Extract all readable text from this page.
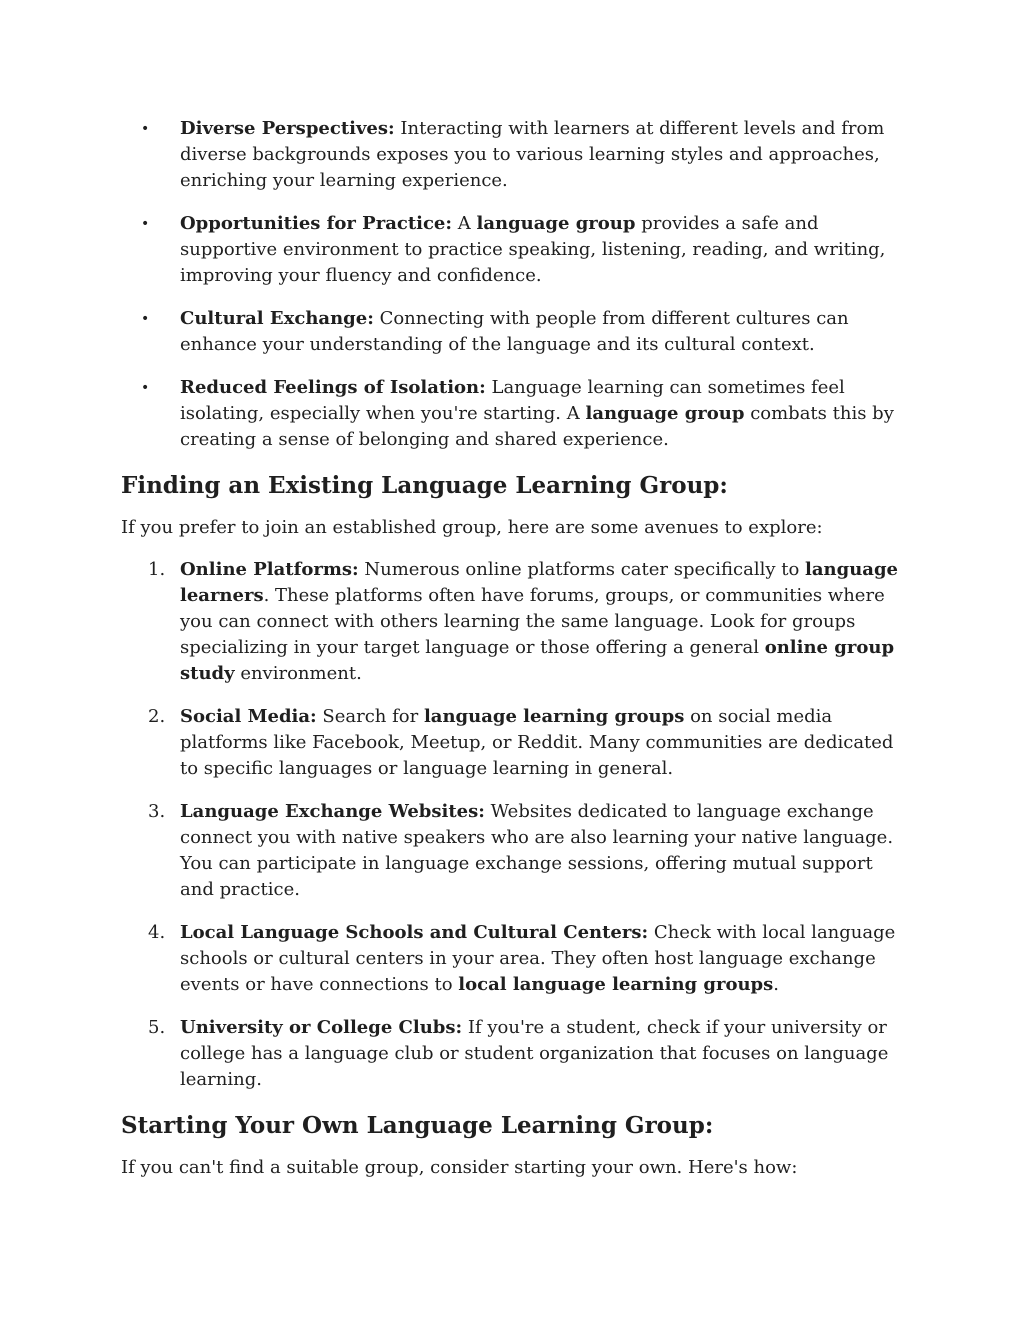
•	Diverse Perspectives: Interacting with learners at different levels and from diverse backgrounds exposes you to various learning styles and approaches, enriching your learning experience.
•	Opportunities for Practice: A language group provides a safe and supportive environment to practice speaking, listening, reading, and writing, improving your fluency and confidence.
•	Cultural Exchange: Connecting with people from different cultures can enhance your understanding of the language and its cultural context.
•	Reduced Feelings of Isolation: Language learning can sometimes feel isolating, especially when you're starting. A language group combats this by creating a sense of belonging and shared experience.
Finding an Existing Language Learning Group:

If you prefer to join an established group, here are some avenues to explore:

1. Online Platforms: Numerous online platforms cater specifically to language learners. These platforms often have forums, groups, or communities where you can connect with others learning the same language. Look for groups specializing in your target language or those offering a general online group study environment.
2. Social Media: Search for language learning groups on social media platforms like Facebook, Meetup, or Reddit. Many communities are dedicated to specific languages or language learning in general.
3. Language Exchange Websites: Websites dedicated to language exchange connect you with native speakers who are also learning your native language. You can participate in language exchange sessions, offering mutual support and practice.
4. Local Language Schools and Cultural Centers: Check with local language schools or cultural centers in your area. They often host language exchange events or have connections to local language learning groups.
5. University or College Clubs: If you're a student, check if your university or college has a language club or student organization that focuses on language learning.
Starting Your Own Language Learning Group:

If you can't find a suitable group, consider starting your own. Here's how:
